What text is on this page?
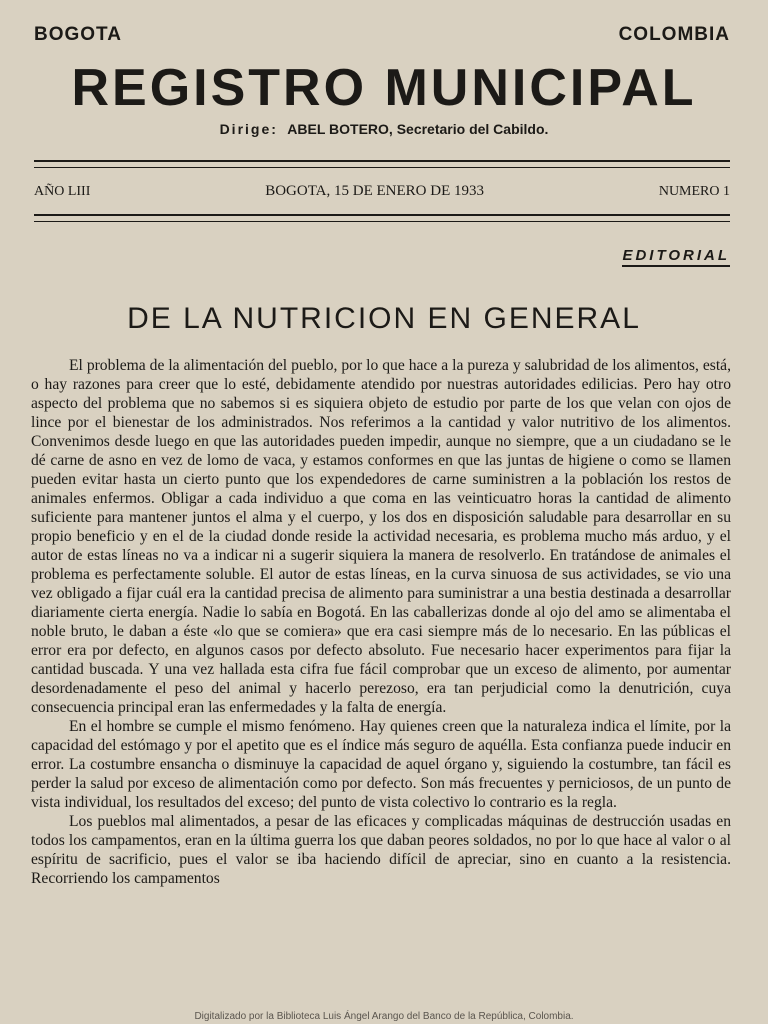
BOGOTA	COLOMBIA
REGISTRO MUNICIPAL
Dirige: ABEL BOTERO, Secretario del Cabildo.
AÑO LIII	BOGOTA, 15 DE ENERO DE 1933	NUMERO 1
EDITORIAL
DE LA NUTRICION EN GENERAL

El problema de la alimentación del pueblo, por lo que hace a la pureza y salubridad de los alimentos, está, o hay razones para creer que lo esté, debidamente atendido por nuestras autoridades edilicias. Pero hay otro aspecto del problema que no sabemos si es siquiera objeto de estudio por parte de los que velan con ojos de lince por el bienestar de los administrados. Nos referimos a la cantidad y valor nutritivo de los alimentos. Convenimos desde luego en que las autoridades pueden impedir, aunque no siempre, que a un ciudadano se le dé carne de asno en vez de lomo de vaca, y estamos conformes en que las juntas de higiene o como se llamen pueden evitar hasta un cierto punto que los expendedores de carne suministren a la población los restos de animales enfermos. Obligar a cada individuo a que coma en las veinticuatro horas la cantidad de alimento suficiente para mantener juntos el alma y el cuerpo, y los dos en disposición saludable para desarrollar en su propio beneficio y en el de la ciudad donde reside la actividad necesaria, es problema mucho más arduo, y el autor de estas líneas no va a indicar ni a sugerir siquiera la manera de resolverlo. En tratándose de animales el problema es perfectamente soluble. El autor de estas líneas, en la curva sinuosa de sus actividades, se vio una vez obligado a fijar cuál era la cantidad precisa de alimento para suministrar a una bestia destinada a desarrollar diariamente cierta energía. Nadie lo sabía en Bogotá. En las caballerizas donde al ojo del amo se alimentaba el noble bruto, le daban a éste «lo que se comiera» que era casi siempre más de lo necesario. En las públicas el error era por defecto, en algunos casos por defecto absoluto. Fue necesario hacer experimentos para fijar la cantidad buscada. Y una vez hallada esta cifra fue fácil comprobar que un exceso de alimento, por aumentar desordenadamente el peso del animal y hacerlo perezoso, era tan perjudicial como la denutrición, cuya consecuencia principal eran las enfermedades y la falta de energía.

En el hombre se cumple el mismo fenómeno. Hay quienes creen que la naturaleza indica el límite, por la capacidad del estómago y por el apetito que es el índice más seguro de aquélla. Esta confianza puede inducir en error. La costumbre ensancha o disminuye la capacidad de aquel órgano y, siguiendo la costumbre, tan fácil es perder la salud por exceso de alimentación como por defecto. Son más frecuentes y perniciosos, de un punto de vista individual, los resultados del exceso; del punto de vista colectivo lo contrario es la regla.

Los pueblos mal alimentados, a pesar de las eficaces y complicadas máquinas de destrucción usadas en todos los campamentos, eran en la última guerra los que daban peores soldados, no por lo que hace al valor o al espíritu de sacrificio, pues el valor se iba haciendo difícil de apreciar, sino en cuanto a la resistencia. Recorriendo los campamentos

Digitalizado por la Biblioteca Luis Ángel Arango del Banco de la República, Colombia.
